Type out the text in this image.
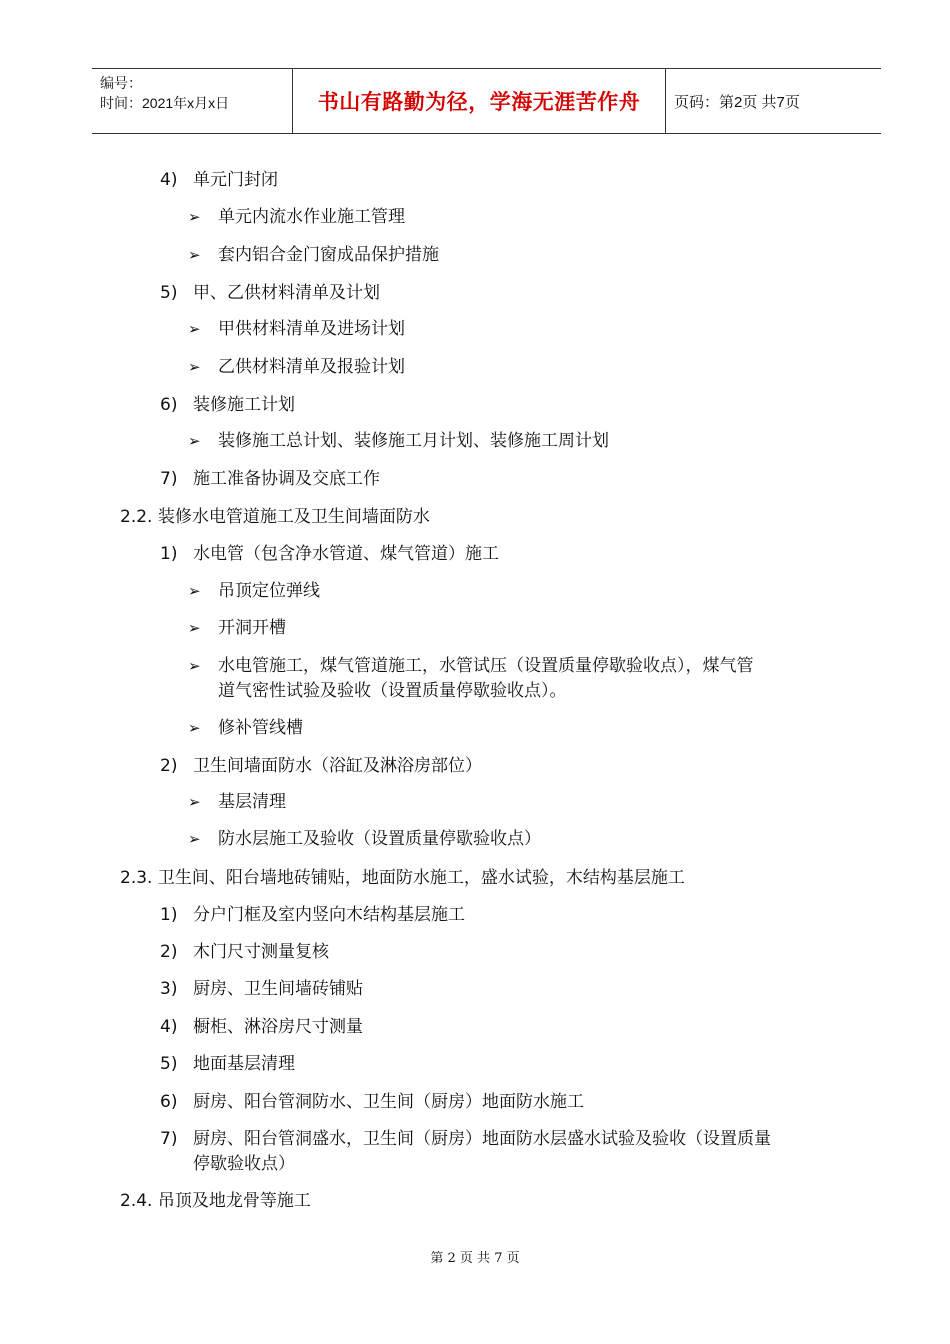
编号：
时间：2021年x月x日	书山有路勤为径，学海无涯苦作舟	页码：第2页 共7页
4) 单元门封闭
➢ 单元内流水作业施工管理
➢ 套内铝合金门窗成品保护措施
5) 甲、乙供材料清单及计划
➢ 甲供材料清单及进场计划
➢ 乙供材料清单及报验计划
6) 装修施工计划
➢ 装修施工总计划、装修施工月计划、装修施工周计划
7) 施工准备协调及交底工作
2.2. 装修水电管道施工及卫生间墙面防水
1) 水电管（包含净水管道、煤气管道）施工
➢ 吊顶定位弹线
➢ 开洞开槽
➢ 水电管施工，煤气管道施工，水管试压（设置质量停歇验收点），煤气管
道气密性试验及验收（设置质量停歇验收点）。
➢ 修补管线槽
2) 卫生间墙面防水（浴缸及淋浴房部位）
➢ 基层清理
➢ 防水层施工及验收（设置质量停歇验收点）
2.3. 卫生间、阳台墙地砖铺贴，地面防水施工，盛水试验，木结构基层施工
1) 分户门框及室内竖向木结构基层施工
2) 木门尺寸测量复核
3) 厨房、卫生间墙砖铺贴
4) 橱柜、淋浴房尺寸测量
5) 地面基层清理
6) 厨房、阳台管洞防水、卫生间（厨房）地面防水施工
7) 厨房、阳台管洞盛水，卫生间（厨房）地面防水层盛水试验及验收（设置质量
停歇验收点）
2.4. 吊顶及地龙骨等施工
第 2 页 共 7 页
